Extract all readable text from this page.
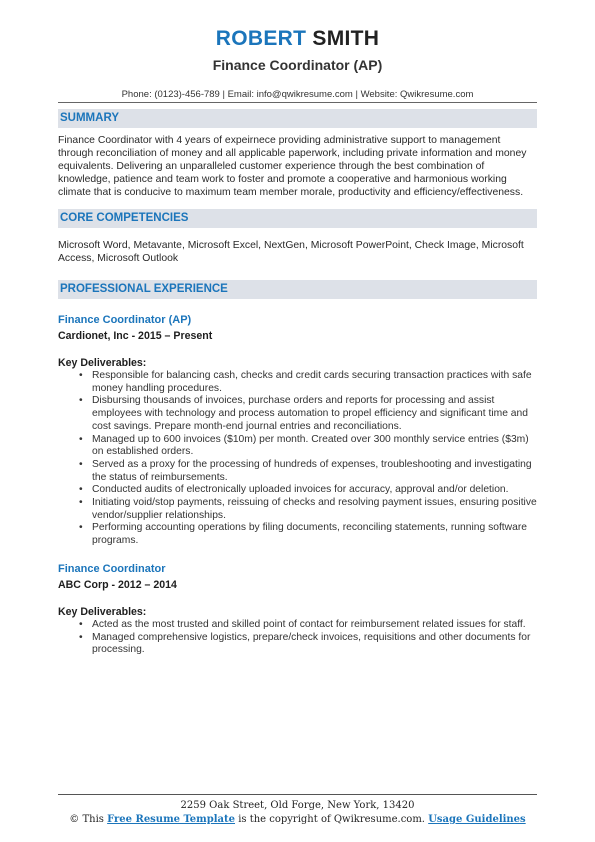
ROBERT SMITH
Finance Coordinator (AP)
Phone: (0123)-456-789 | Email: info@qwikresume.com | Website: Qwikresume.com
SUMMARY
Finance Coordinator with 4 years of expeirnece providing administrative support to management through reconciliation of money and all applicable paperwork, including private information and money equivalents. Delivering an unparalleled customer experience through the best combination of knowledge, patience and team work to foster and promote a cooperative and harmonious working climate that is conducive to maximum team member morale, productivity and efficiency/effectiveness.
CORE COMPETENCIES
Microsoft Word, Metavante, Microsoft Excel, NextGen, Microsoft PowerPoint, Check Image, Microsoft Access, Microsoft Outlook
PROFESSIONAL EXPERIENCE
Finance Coordinator (AP)
Cardionet, Inc - 2015 – Present
Key Deliverables:
• Responsible for balancing cash, checks and credit cards securing transaction practices with safe money handling procedures.
• Disbursing thousands of invoices, purchase orders and reports for processing and assist employees with technology and process automation to propel efficiency and significant time and cost savings. Prepare month-end journal entries and reconciliations.
• Managed up to 600 invoices ($10m) per month. Created over 300 monthly service entries ($3m) on established orders.
• Served as a proxy for the processing of hundreds of expenses, troubleshooting and investigating the status of reimbursements.
• Conducted audits of electronically uploaded invoices for accuracy, approval and/or deletion.
• Initiating void/stop payments, reissuing of checks and resolving payment issues, ensuring positive vendor/supplier relationships.
• Performing accounting operations by filing documents, reconciling statements, running software programs.
Finance Coordinator
ABC Corp - 2012 – 2014
Key Deliverables:
• Acted as the most trusted and skilled point of contact for reimbursement related issues for staff.
• Managed comprehensive logistics, prepare/check invoices, requisitions and other documents for processing.
2259 Oak Street, Old Forge, New York, 13420
© This Free Resume Template is the copyright of Qwikresume.com. Usage Guidelines
